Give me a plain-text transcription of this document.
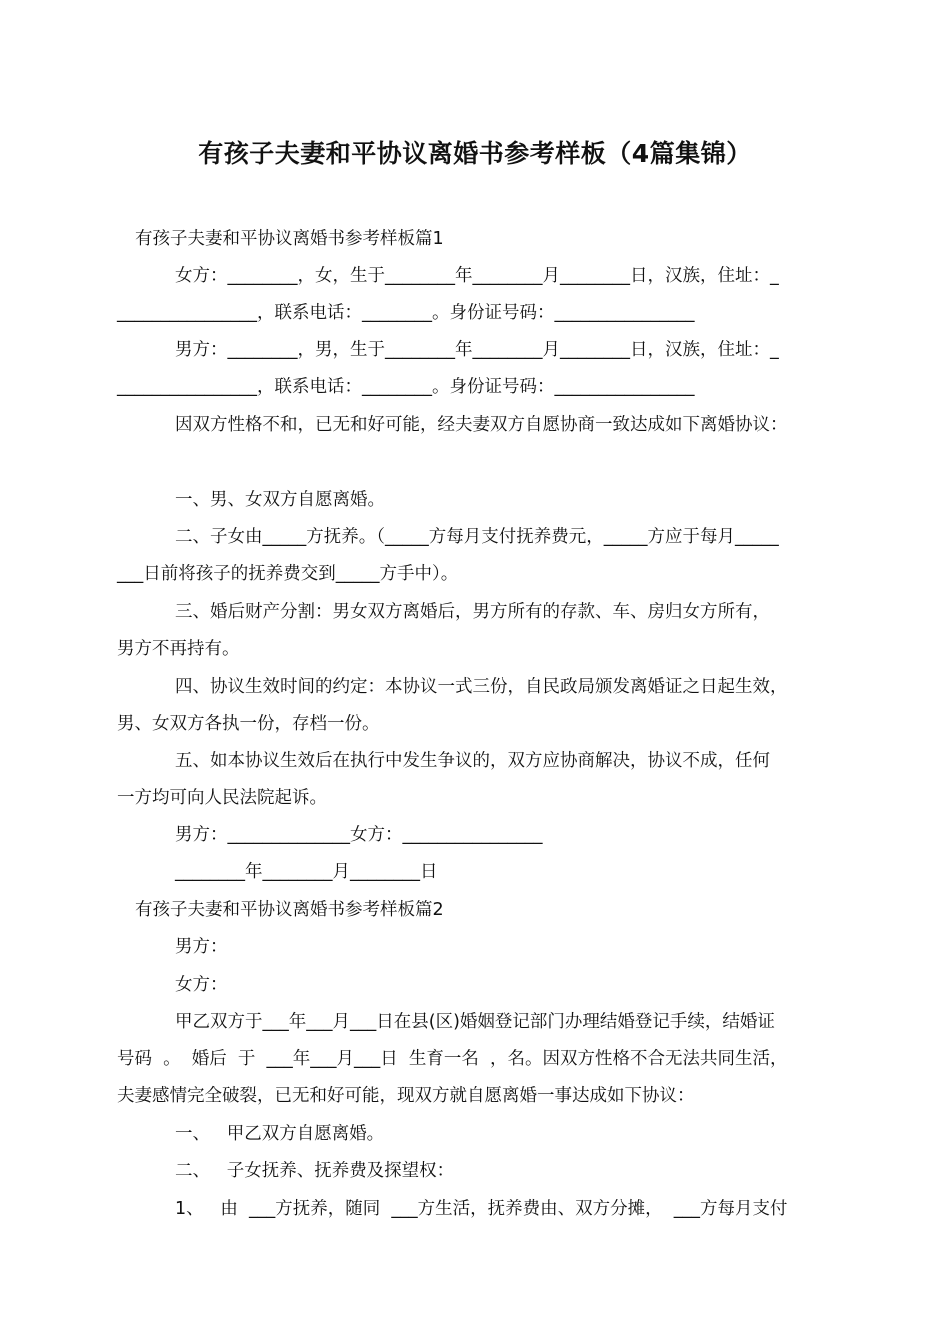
有孩子夫妻和平协议离婚书参考样板（4篇集锦）
有孩子夫妻和平协议离婚书参考样板篇1
女方：________，女，生于________年________月________日，汉族，住址：_
________________，联系电话：________。身份证号码：________________
男方：________，男，生于________年________月________日，汉族，住址：_
________________，联系电话：________。身份证号码：________________
因双方性格不和，已无和好可能，经夫妻双方自愿协商一致达成如下离婚协议：
一、男、女双方自愿离婚。
二、子女由_____方抚养。（_____方每月支付抚养费元，_____方应于每月_____
___日前将孩子的抚养费交到_____方手中）。
三、婚后财产分割：男女双方离婚后，男方所有的存款、车、房归女方所有，
男方不再持有。
四、协议生效时间的约定：本协议一式三份，自民政局颁发离婚证之日起生效，
男、女双方各执一份，存档一份。
五、如本协议生效后在执行中发生争议的，双方应协商解决，协议不成，任何
一方均可向人民法院起诉。
男方：______________女方：________________
________年________月________日
有孩子夫妻和平协议离婚书参考样板篇2
男方：
女方：
甲乙双方于___年___月___日在县(区)婚姻登记部门办理结婚登记手续，结婚证
号码  。  婚后  于  ___年___月___日  生育一名  ，名。因双方性格不合无法共同生活，
夫妻感情完全破裂，已无和好可能，现双方就自愿离婚一事达成如下协议：
一、   甲乙双方自愿离婚。
二、   子女抚养、抚养费及探望权：
1、   由  ___方抚养，随同  ___方生活，抚养费由、双方分摊，  ___方每月支付
